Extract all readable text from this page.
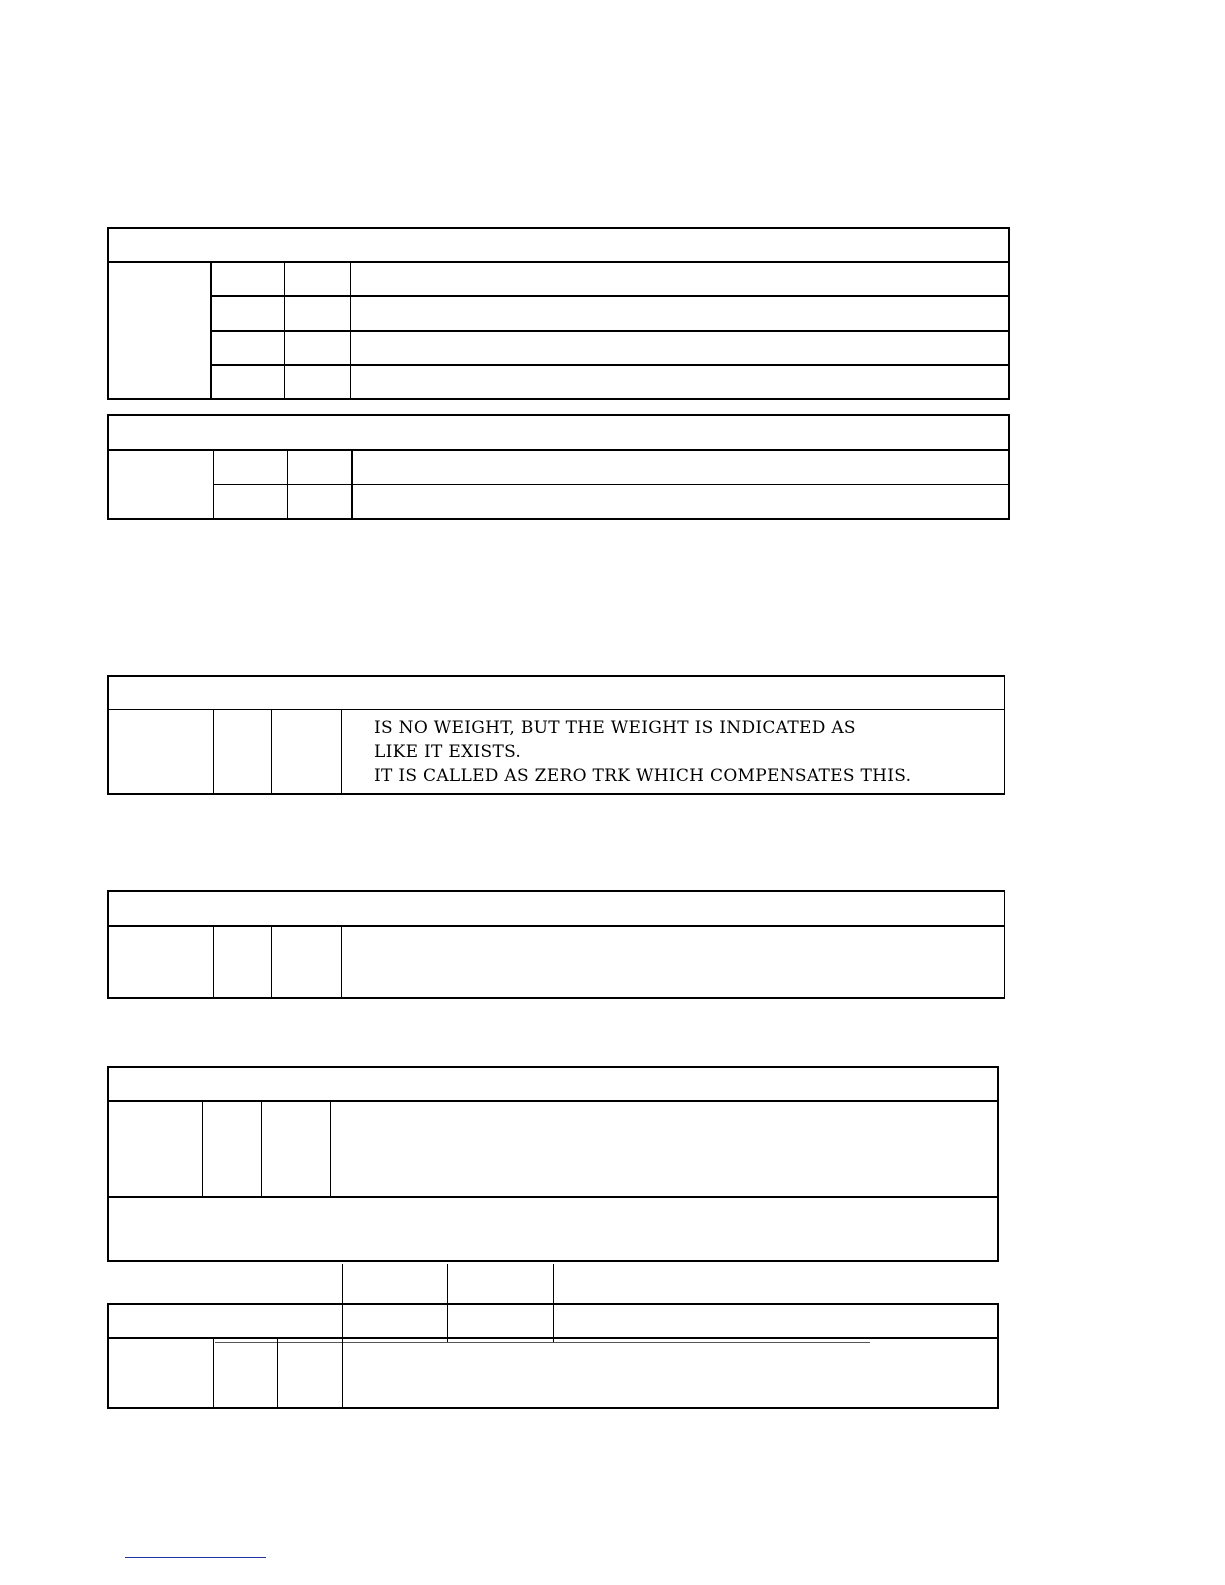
IS NO WEIGHT, BUT THE WEIGHT IS INDICATED AS
LIKE IT EXISTS.
IT IS CALLED AS ZERO TRK WHICH COMPENSATES THIS.
